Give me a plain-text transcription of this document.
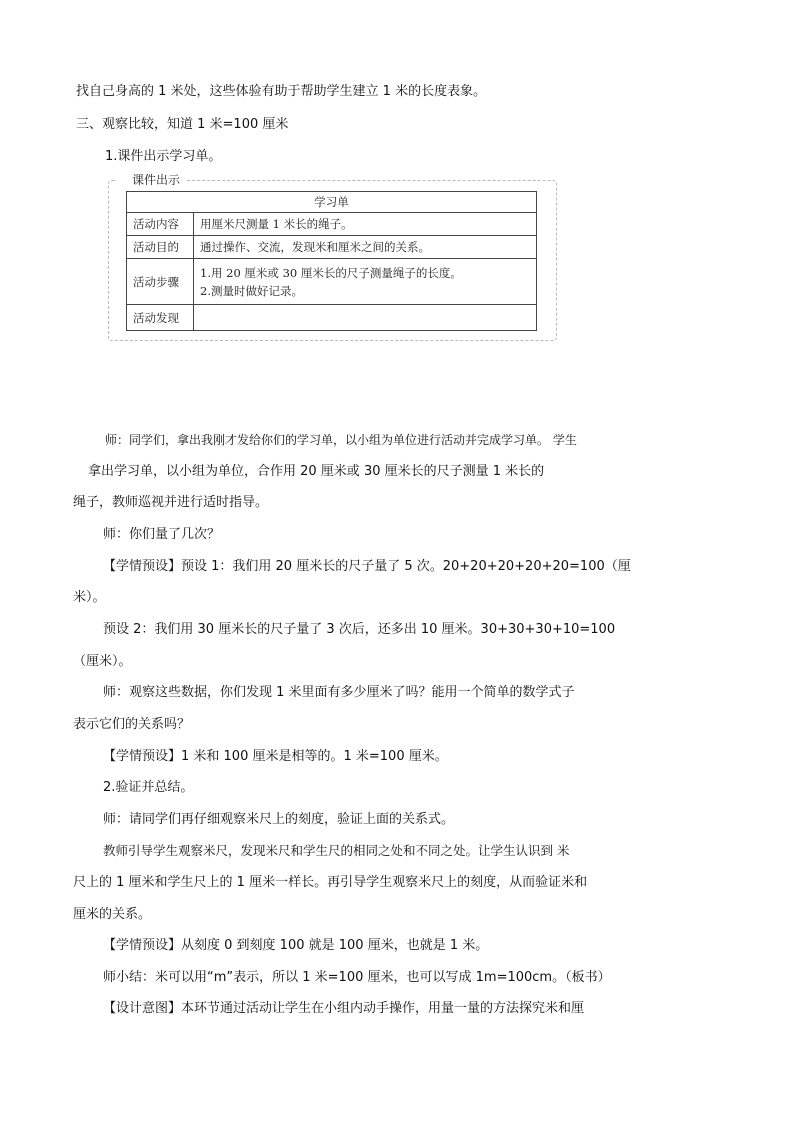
找自己身高的 1 米处，这些体验有助于帮助学生建立 1 米的长度表象。
三、观察比较，知道 1 米=100 厘米
1.课件出示学习单。
课件出示
学习单	
活动内容	用厘米尺测量 1 米长的绳子。
活动目的	通过操作、交流，发现米和厘米之间的关系。
活动步骤	1.用 20 厘米或 30 厘米长的尺子测量绳子的长度。
2.测量时做好记录。

活动发现	
师：同学们，拿出我刚才发给你们的学习单，以小组为单位进行活动并完成学习单。 学生
拿出学习单，以小组为单位，合作用 20 厘米或 30 厘米长的尺子测量 1 米长的
绳子，教师巡视并进行适时指导。
师：你们量了几次？
【学情预设】预设 1：我们用 20 厘米长的尺子量了 5 次。20+20+20+20+20=100（厘
米）。
预设 2：我们用 30 厘米长的尺子量了 3 次后，还多出 10 厘米。30+30+30+10=100
（厘米）。
师：观察这些数据，你们发现 1 米里面有多少厘米了吗？能用一个简单的数学式子
表示它们的关系吗？
【学情预设】1 米和 100 厘米是相等的。1 米=100 厘米。
2.验证并总结。
师：请同学们再仔细观察米尺上的刻度，验证上面的关系式。
教师引导学生观察米尺，发现米尺和学生尺的相同之处和不同之处。让学生认识到 米
尺上的 1 厘米和学生尺上的 1 厘米一样长。再引导学生观察米尺上的刻度，从而验证米和
厘米的关系。
【学情预设】从刻度 0 到刻度 100 就是 100 厘米，也就是 1 米。
师小结：米可以用“m”表示，所以 1 米=100 厘米，也可以写成 1m=100cm。（板书）
【设计意图】本环节通过活动让学生在小组内动手操作，用量一量的方法探究米和厘
